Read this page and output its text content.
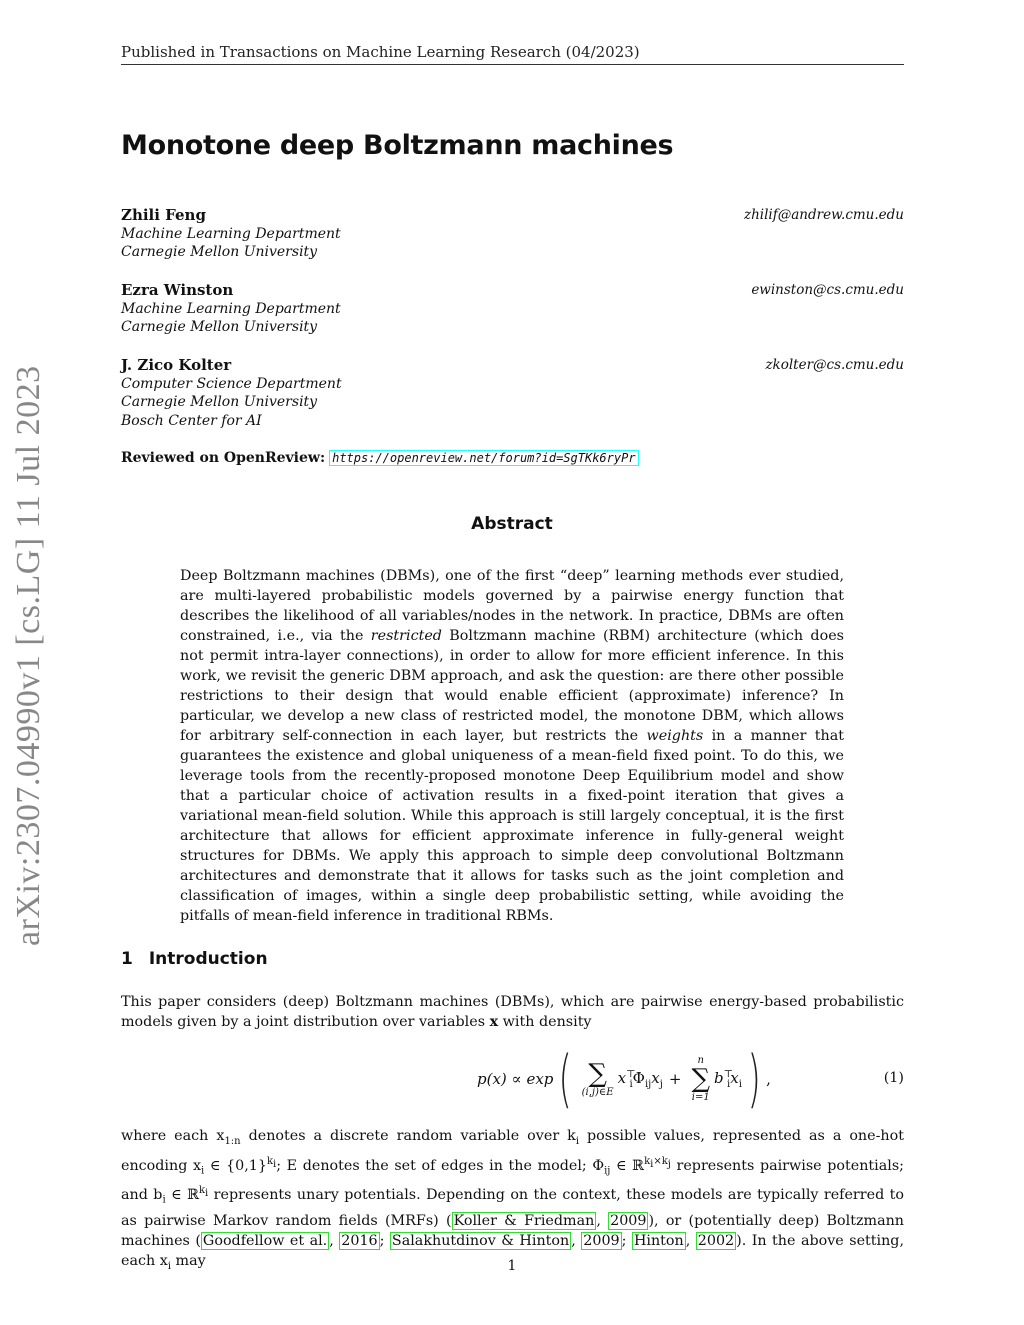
Published in Transactions on Machine Learning Research (04/2023)
Monotone deep Boltzmann machines
Zhili Feng	zhilif@andrew.cmu.edu
Machine Learning Department
Carnegie Mellon University
Ezra Winston	ewinston@cs.cmu.edu
Machine Learning Department
Carnegie Mellon University
J. Zico Kolter	zkolter@cs.cmu.edu
Computer Science Department
Carnegie Mellon University
Bosch Center for AI
Reviewed on OpenReview: https://openreview.net/forum?id=SgTKk6ryPr
Abstract
Deep Boltzmann machines (DBMs), one of the first “deep” learning methods ever studied, are multi-layered probabilistic models governed by a pairwise energy function that describes the likelihood of all variables/nodes in the network. In practice, DBMs are often constrained, i.e., via the restricted Boltzmann machine (RBM) architecture (which does not permit intra-layer connections), in order to allow for more efficient inference. In this work, we revisit the generic DBM approach, and ask the question: are there other possible restrictions to their design that would enable efficient (approximate) inference? In particular, we develop a new class of restricted model, the monotone DBM, which allows for arbitrary self-connection in each layer, but restricts the weights in a manner that guarantees the existence and global uniqueness of a mean-field fixed point. To do this, we leverage tools from the recently-proposed monotone Deep Equilibrium model and show that a particular choice of activation results in a fixed-point iteration that gives a variational mean-field solution. While this approach is still largely conceptual, it is the first architecture that allows for efficient approximate inference in fully-general weight structures for DBMs. We apply this approach to simple deep convolutional Boltzmann architectures and demonstrate that it allows for tasks such as the joint completion and classification of images, within a single deep probabilistic setting, while avoiding the pitfalls of mean-field inference in traditional RBMs.
arXiv:2307.04990v1 [cs.LG] 11 Jul 2023
1 Introduction
This paper considers (deep) Boltzmann machines (DBMs), which are pairwise energy-based probabilistic models given by a joint distribution over variables x with density
p(x) ∝ exp ( ∑
(i,j)∈E
$x^⊤_i\Phi_{ij}x_j$ +
n
∑
i=1
$b^⊤_ix_i$ ) ,	(1)
where each $x_{1:n}$ denotes a discrete random variable over $k_i$ possible values, represented as a one-hot encoding $x_i$ ∈ $\{0,1\}^{k_i}$; E denotes the set of edges in the model; $\Phi_{ij}$ ∈ ℝ$^{k_i\times k_j}$ represents pairwise potentials; and $b_i$ ∈ ℝ$^{k_i}$ represents unary potentials. Depending on the context, these models are typically referred to as pairwise Markov random fields (MRFs) ( Koller & Friedman , 2009 ), or (potentially deep) Boltzmann machines ( Goodfellow et al. , 2016 ; Salakhutdinov & Hinton , 2009 ; Hinton , 2002 ). In the above setting, each $x_i$ may	1
